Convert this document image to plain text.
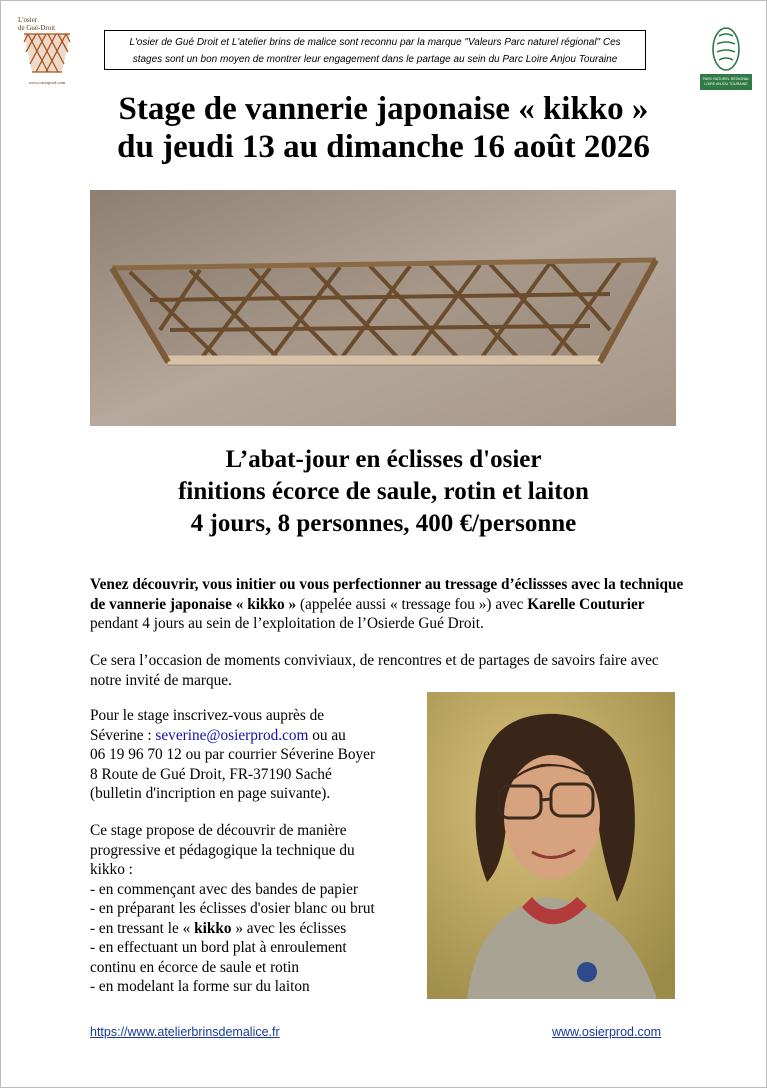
L'osier
de Gué-Droit
www.osierprod.com
L'osier de Gué Droit et L'atelier brins de malice sont reconnu par la marque "Valeurs Parc naturel régional" Ces
stages sont un bon moyen de montrer leur engagement dans le partage au sein du Parc Loire Anjou Touraine
PARC NATUREL RÉGIONAL LOIRE ANJOU TOURAINE
Stage de vannerie japonaise « kikko »
du jeudi 13 au dimanche 16 août 2026
L’abat-jour en éclisses d'osier
finitions écorce de saule, rotin et laiton
4 jours, 8 personnes, 400 €/personne
Venez découvrir, vous initier ou vous perfectionner au tressage d’éclissses avec la technique de vannerie japonaise « kikko » (appelée aussi « tressage fou ») avec Karelle Couturier pendant 4 jours au sein de l’exploitation de l’Osierde Gué Droit.
Ce sera l’occasion de moments conviviaux, de rencontres et de partages de savoirs faire avec notre invité de marque.
Pour le stage inscrivez-vous auprès de
Séverine : severine@osierprod.com ou au
06 19 96 70 12 ou par courrier Séverine Boyer
8 Route de Gué Droit, FR-37190 Saché
(bulletin d'incription en page suivante).
Ce stage propose de découvrir de manière
progressive et pédagogique la technique du
kikko :
- en commençant avec des bandes de papier
- en préparant les éclisses d'osier blanc ou brut
- en tressant le « kikko » avec les éclisses
- en effectuant un bord plat à enroulement
continu en écorce de saule et rotin
- en modelant la forme sur du laiton
https://www.atelierbrinsdemalice.fr	www.osierprod.com
